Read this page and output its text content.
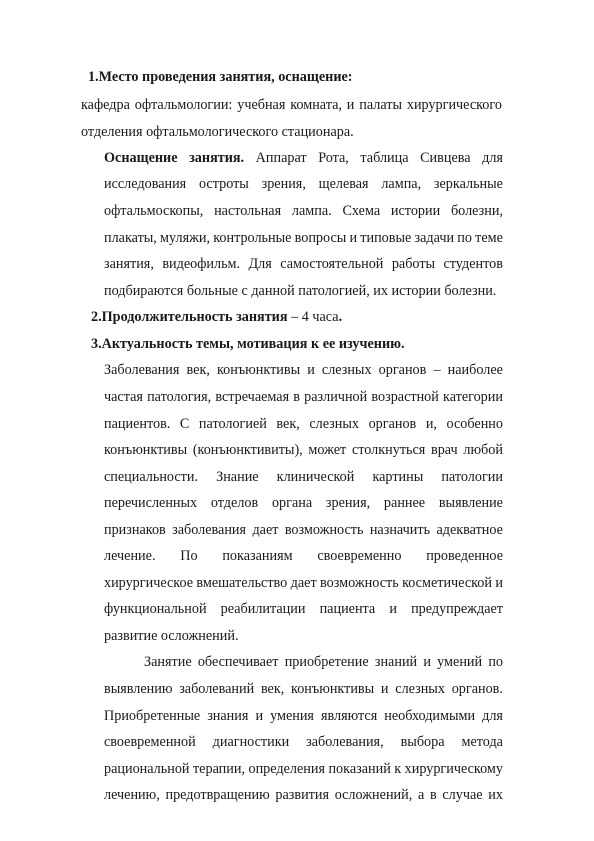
1.Место проведения занятия, оснащение:
кафедра офтальмологии: учебная комната, и палаты хирургического
отделения офтальмологического стационара.
Оснащение занятия. Аппарат Рота, таблица Сивцева для
исследования остроты зрения, щелевая лампа, зеркальные
офтальмоскопы, настольная лампа. Схема истории болезни,
плакаты, муляжи, контрольные вопросы и типовые задачи по теме
занятия, видеофильм. Для самостоятельной работы студентов
подбираются больные с данной патологией, их истории болезни.
2.Продолжительность занятия – 4 часа.
3.Актуальность темы, мотивация к ее изучению.
Заболевания век, конъюнктивы и слезных органов – наиболее
частая патология, встречаемая в различной возрастной категории
пациентов. С патологией век, слезных органов и, особенно
конъюнктивы (конъюнктивиты), может столкнуться врач любой
специальности. Знание клинической картины патологии
перечисленных отделов органа зрения, раннее выявление
признаков заболевания дает возможность назначить адекватное
лечение. По показаниям своевременно проведенное
хирургическое вмешательство дает возможность косметической и
функциональной реабилитации пациента и предупреждает
развитие осложнений.
Занятие обеспечивает приобретение знаний и умений по
выявлению заболеваний век, конъюнктивы и слезных органов.
Приобретенные знания и умения являются необходимыми для
своевременной диагностики заболевания, выбора метода
рациональной терапии, определения показаний к хирургическому
лечению, предотвращению развития осложнений, а в случае их
